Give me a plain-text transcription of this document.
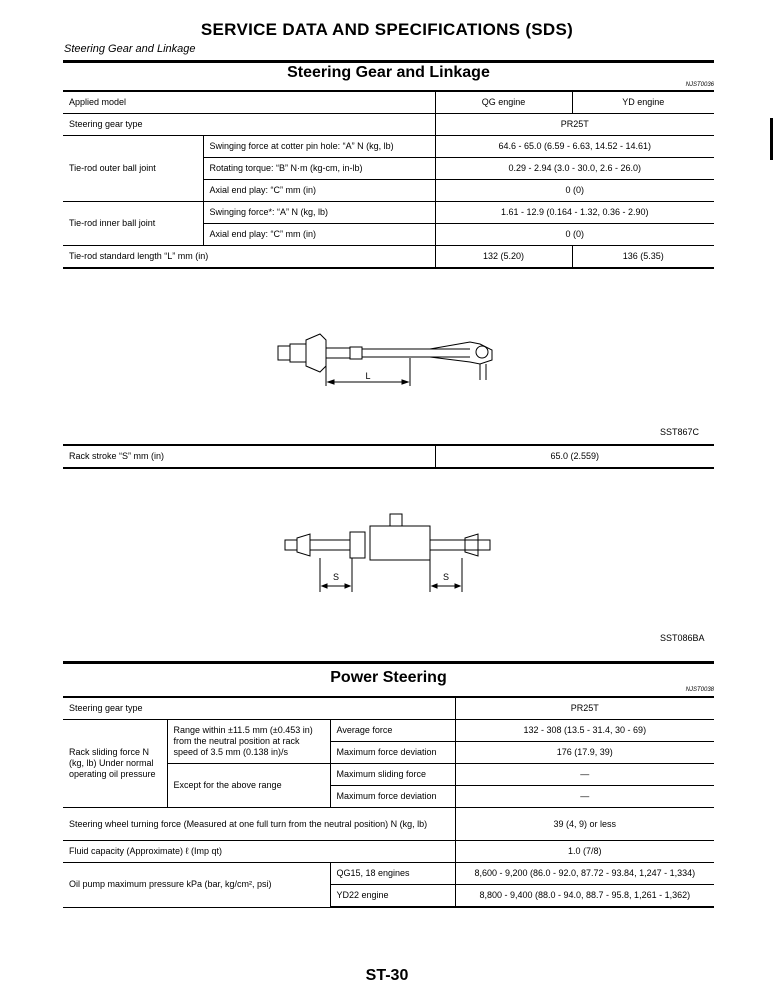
SERVICE DATA AND SPECIFICATIONS (SDS)
Steering Gear and Linkage
Steering Gear and Linkage
NJST0036
Applied model		QG engine	YD engine
Steering gear type		PR25T	
Tie-rod outer ball joint	Swinging force at cotter pin hole: “A” N (kg, lb)	64.6 - 65.0 (6.59 - 6.63, 14.52 - 14.61)	
	Rotating torque: “B” N·m (kg-cm, in-lb)	0.29 - 2.94 (3.0 - 30.0, 2.6 - 26.0)	
	Axial end play: “C” mm (in)	0 (0)	
Tie-rod inner ball joint	Swinging force*: “A” N (kg, lb)	1.61 - 12.9 (0.164 - 1.32, 0.36 - 2.90)	
	Axial end play: “C” mm (in)	0 (0)	
Tie-rod standard length “L” mm (in)		132 (5.20)	136 (5.35)
L
SST867C
Rack stroke “S” mm (in)	65.0 (2.559)
S	S
SST086BA
Power Steering
NJST0038
Steering gear type			PR25T
Rack sliding force N (kg, lb) Under normal operating oil pressure	Range within ±11.5 mm (±0.453 in) from the neutral position at rack speed of 3.5 mm (0.138 in)/s	Average force	132 - 308 (13.5 - 31.4, 30 - 69)
		Maximum force deviation	176 (17.9, 39)
	Except for the above range	Maximum sliding force	—
		Maximum force deviation	—
Steering wheel turning force (Measured at one full turn from the neutral position) N (kg, lb)			39 (4, 9) or less
Fluid capacity (Approximate) ℓ (Imp qt)			1.0 (7/8)
Oil pump maximum pressure kPa (bar, kg/cm², psi)		QG15, 18 engines	8,600 - 9,200 (86.0 - 92.0, 87.72 - 93.84, 1,247 - 1,334)
		YD22 engine	8,800 - 9,400 (88.0 - 94.0, 88.7 - 95.8, 1,261 - 1,362)
ST-30
